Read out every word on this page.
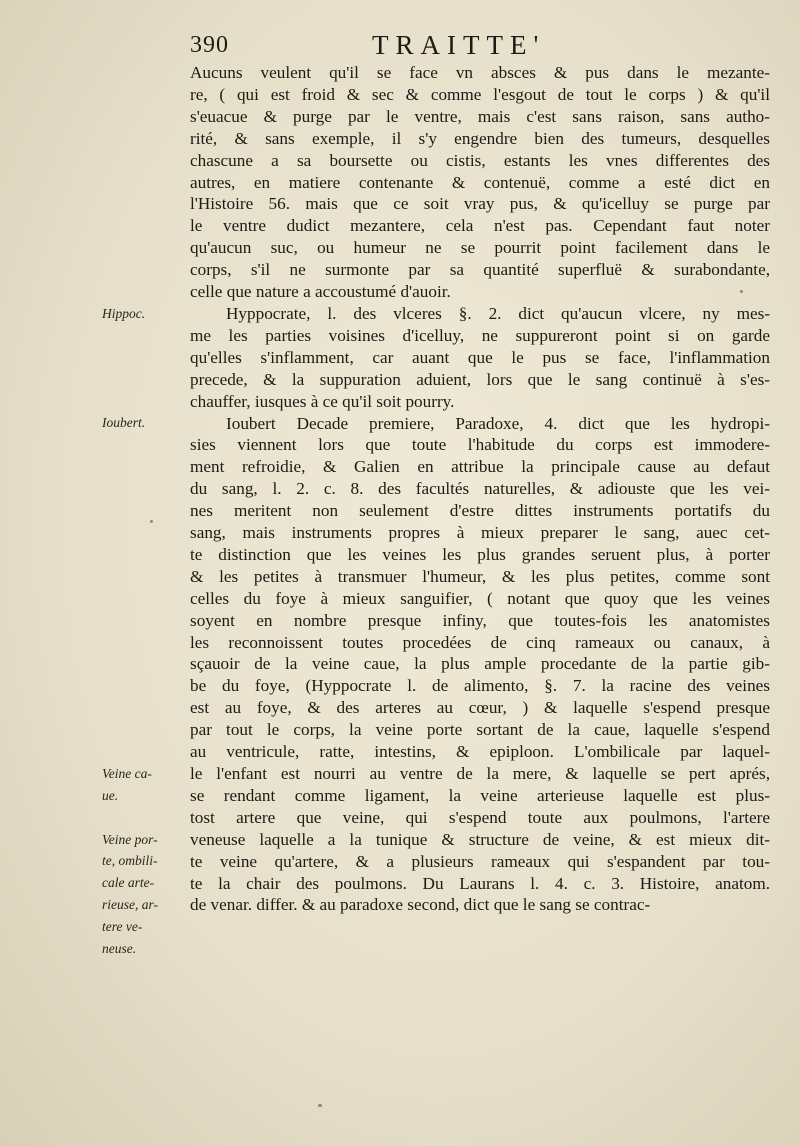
390	TRAITTE'
Aucuns veulent qu'il se face vn absces & pus dans le mezante-
re, ( qui est froid & sec & comme l'esgout de tout le corps ) & qu'il
s'euacue & purge par le ventre, mais c'est sans raison, sans autho-
rité, & sans exemple, il s'y engendre bien des tumeurs, desquelles
chascune a sa boursette ou cistis, estants les vnes differentes des
autres, en matiere contenante & contenuë, comme a esté dict en
l'Histoire 56. mais que ce soit vray pus, & qu'icelluy se purge par
le ventre dudict mezantere, cela n'est pas. Cependant faut noter
qu'aucun suc, ou humeur ne se pourrit point facilement dans le
corps, s'il ne surmonte par sa quantité superfluë & surabondante,
celle que nature a accoustumé d'auoir.
Hyppocrate, l. des vlceres §. 2. dict qu'aucun vlcere, ny mes-
me les parties voisines d'icelluy, ne suppureront point si on garde
qu'elles s'inflamment, car auant que le pus se face, l'inflammation
precede, & la suppuration aduient, lors que le sang continuë à s'es-
chauffer, iusques à ce qu'il soit pourry.
Ioubert Decade premiere, Paradoxe, 4. dict que les hydropi-
sies viennent lors que toute l'habitude du corps est immodere-
ment refroidie, & Galien en attribue la principale cause au defaut
du sang, l. 2. c. 8. des facultés naturelles, & adiouste que les vei-
nes meritent non seulement d'estre dittes instruments portatifs du
sang, mais instruments propres à mieux preparer le sang, auec cet-
te distinction que les veines les plus grandes seruent plus, à porter
& les petites à transmuer l'humeur, & les plus petites, comme sont
celles du foye à mieux sanguifier, ( notant que quoy que les veines
soyent en nombre presque infiny, que toutes-fois les anatomistes
les reconnoissent toutes procedées de cinq rameaux ou canaux, à
sçauoir de la veine caue, la plus ample procedante de la partie gib-
be du foye, (Hyppocrate l. de alimento, §. 7. la racine des veines
est au foye, & des arteres au cœur, ) & laquelle s'espend presque
par tout le corps, la veine porte sortant de la caue, laquelle s'espend
au ventricule, ratte, intestins, & epiploon. L'ombilicale par laquel-
le l'enfant est nourri au ventre de la mere, & laquelle se pert aprés,
se rendant comme ligament, la veine arterieuse laquelle est plus-
tost artere que veine, qui s'espend toute aux poulmons, l'artere
veneuse laquelle a la tunique & structure de veine, & est mieux dit-
te veine qu'artere, & a plusieurs rameaux qui s'espandent par tou-
te la chair des poulmons. Du Laurans l. 4. c. 3. Histoire, anatom.
de venar. differ. & au paradoxe second, dict que le sang se contrac-
Hippoc.
Ioubert.
Veine ca-
ue.
Veine por-
te, ombili-
cale arte-
rieuse, ar-
tere ve-
neuse.
